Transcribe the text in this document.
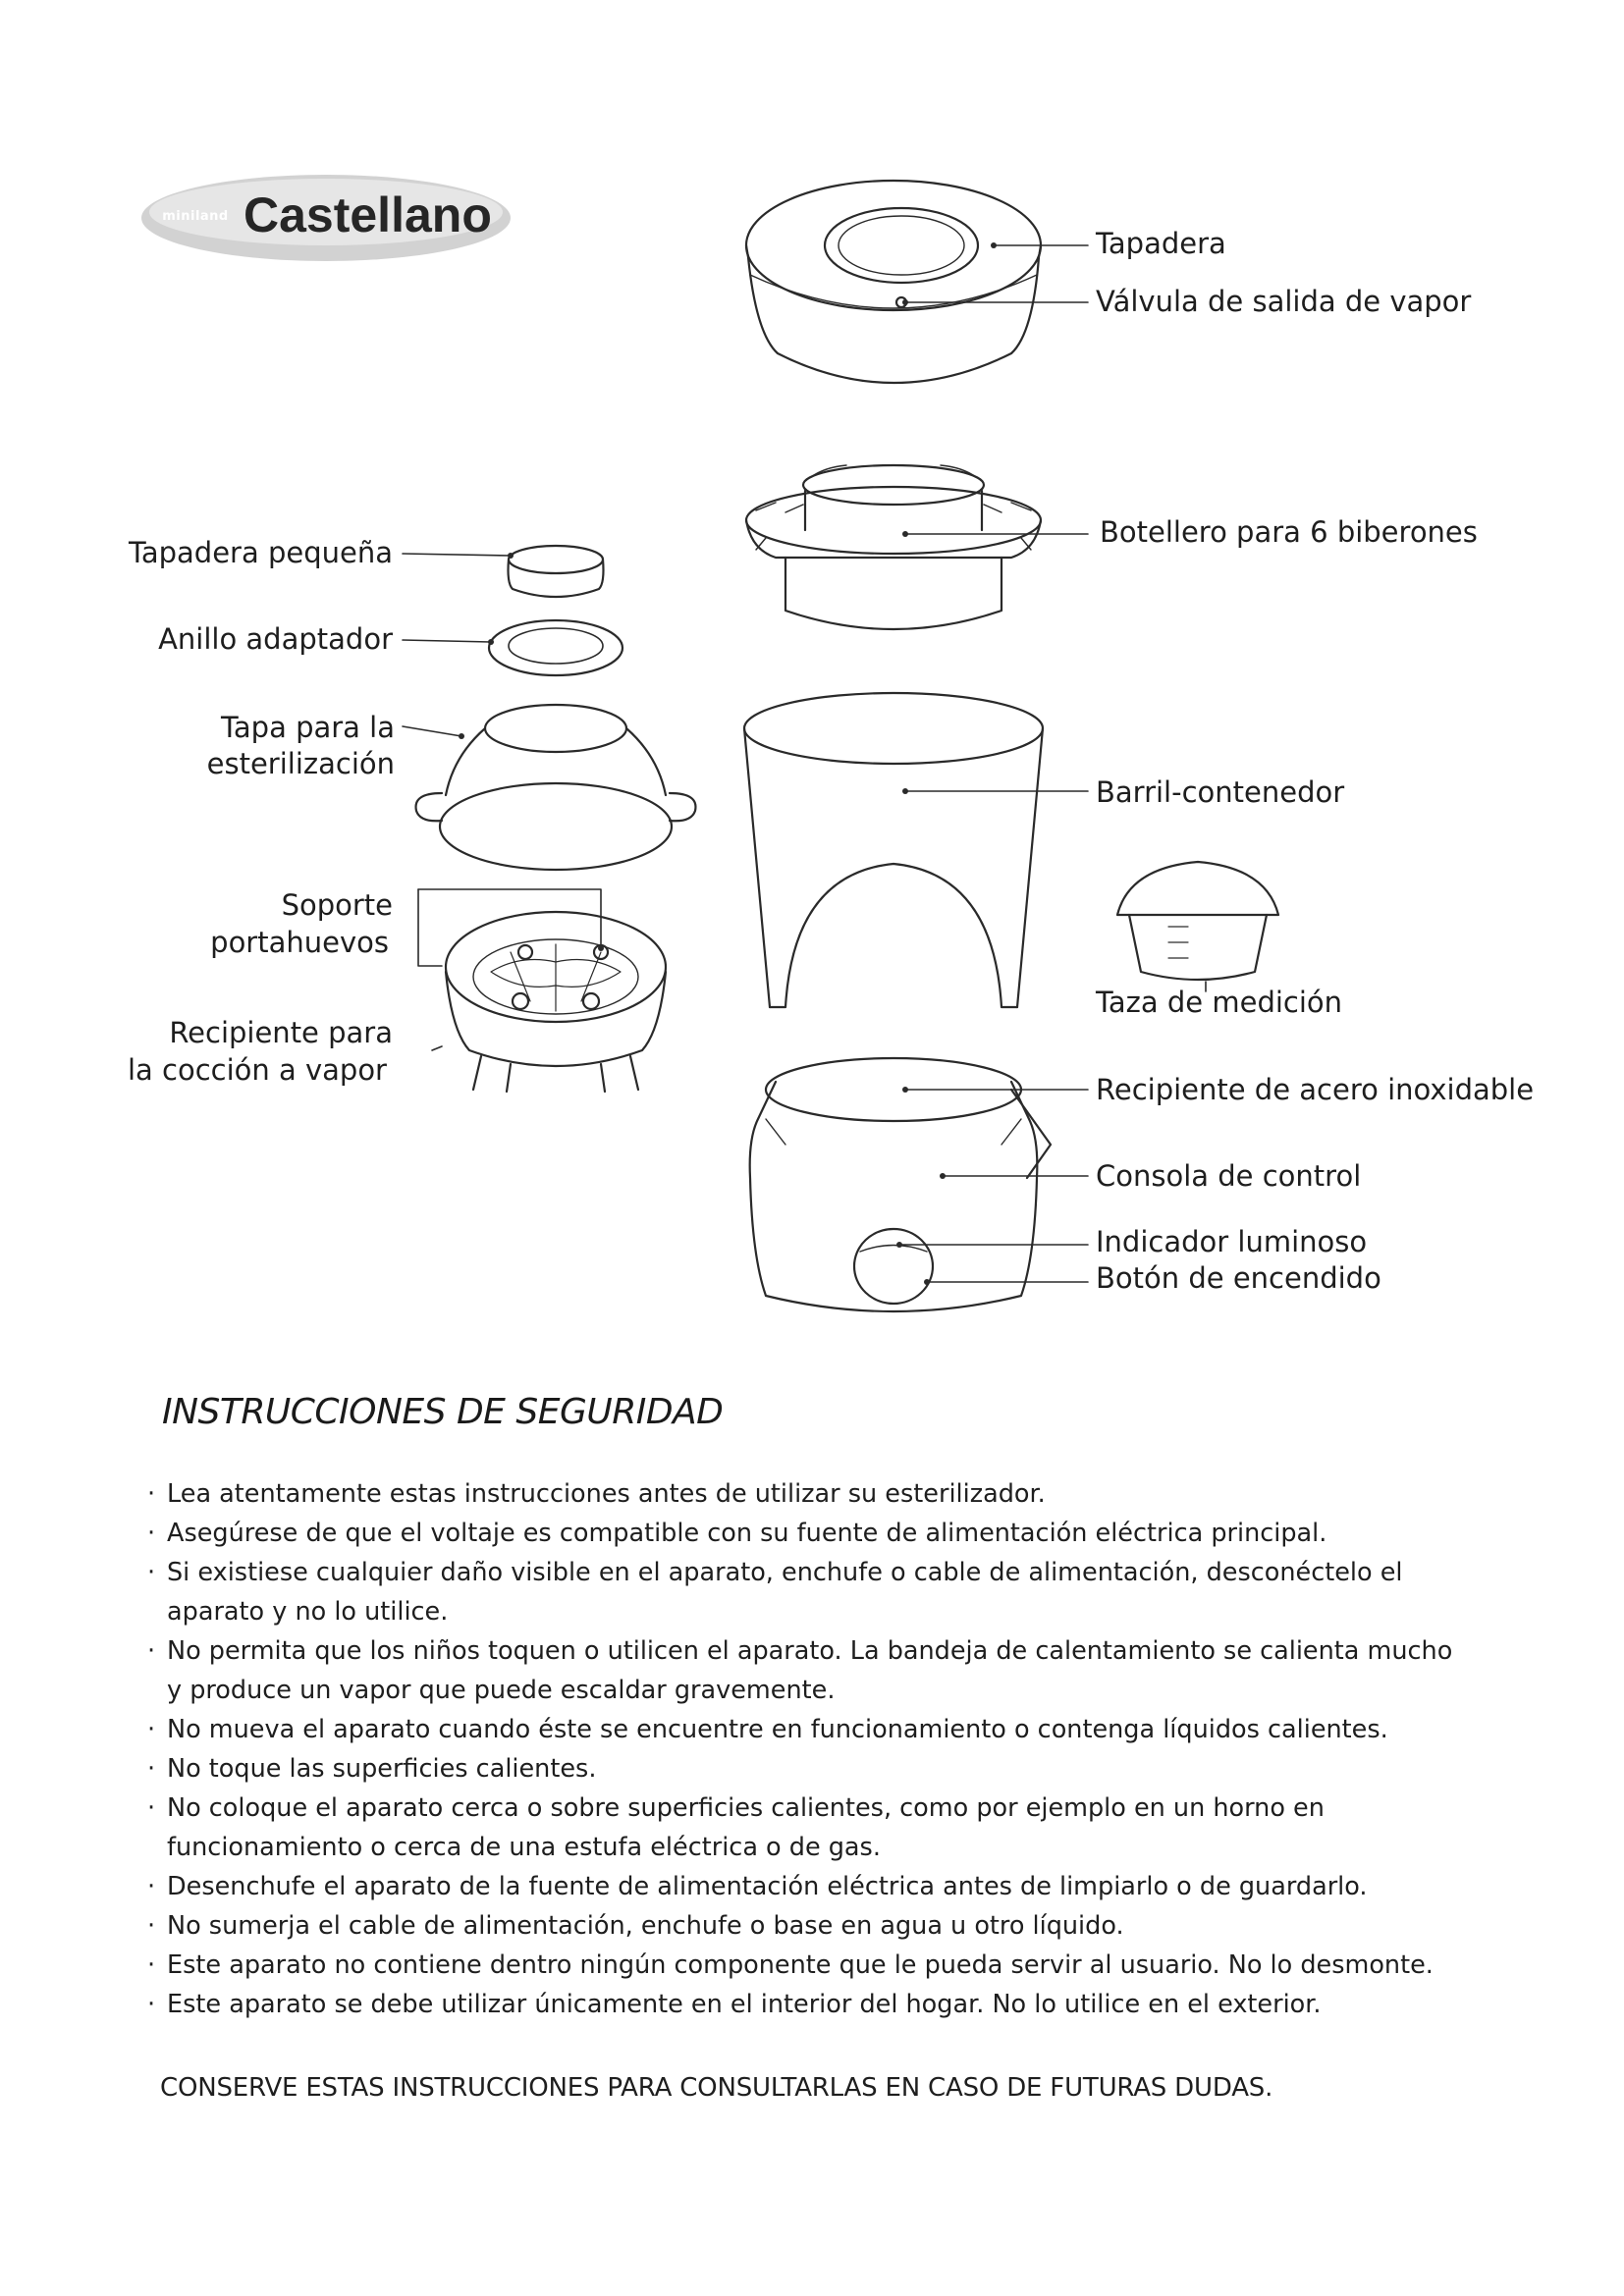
miniland Castellano
Tapadera
Válvula de salida de vapor
Botellero para 6 biberones
Barril-contenedor
Taza de medición
Recipiente de acero inoxidable
Consola de control
Indicador luminoso
Botón de encendido
Tapadera pequeña
Anillo adaptador
Tapa para la
esterilización
Soporte
portahuevos
Recipiente para
la cocción a vapor
INSTRUCCIONES DE SEGURIDAD
· Lea atentamente estas instrucciones antes de utilizar su esterilizador.
· Asegúrese de que el voltaje es compatible con su fuente de alimentación eléctrica principal.
· Si existiese cualquier daño visible en el aparato, enchufe o cable de alimentación, desconéctelo el
aparato y no lo utilice.
· No permita que los niños toquen o utilicen el aparato. La bandeja de calentamiento se calienta mucho
y produce un vapor que puede escaldar gravemente.
· No mueva el aparato cuando éste se encuentre en funcionamiento o contenga líquidos calientes.
· No toque las superficies calientes.
· No coloque el aparato cerca o sobre superficies calientes, como por ejemplo en un horno en
funcionamiento o cerca de una estufa eléctrica o de gas.
· Desenchufe el aparato de la fuente de alimentación eléctrica antes de limpiarlo o de guardarlo.
· No sumerja el cable de alimentación, enchufe o base en agua u otro líquido.
· Este aparato no contiene dentro ningún componente que le pueda servir al usuario. No lo desmonte.
· Este aparato se debe utilizar únicamente en el interior del hogar. No lo utilice en el exterior.
CONSERVE ESTAS INSTRUCCIONES PARA CONSULTARLAS EN CASO DE FUTURAS DUDAS.
